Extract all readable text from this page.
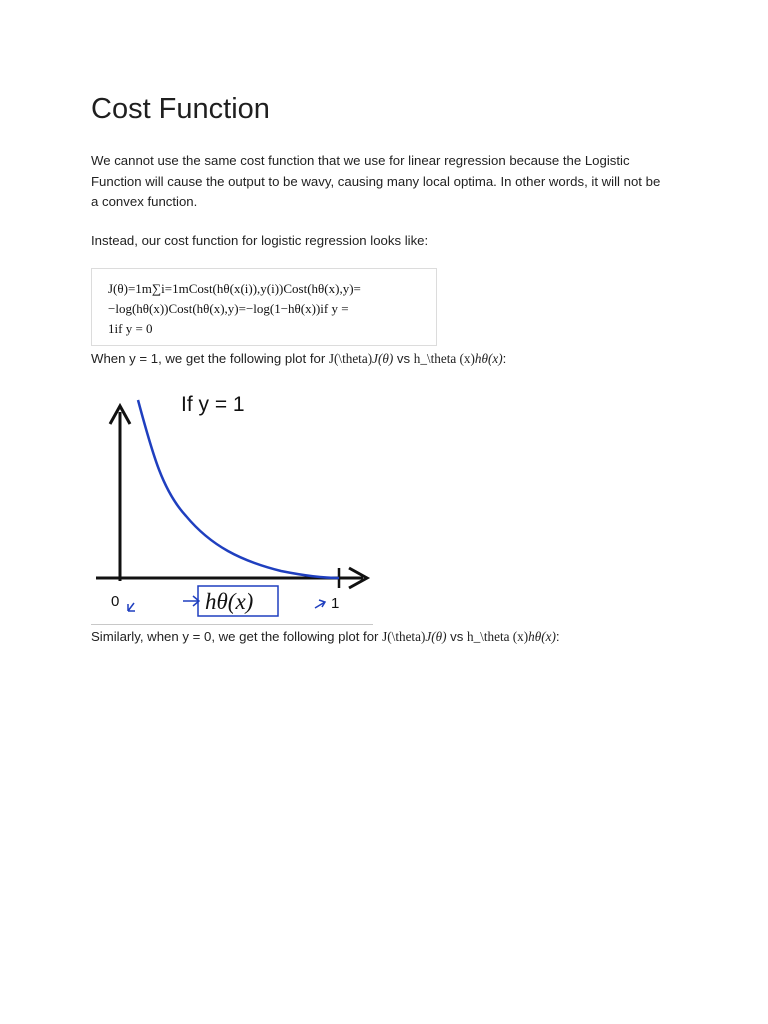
Cost Function

We cannot use the same cost function that we use for linear regression because the Logistic Function will cause the output to be wavy, causing many local optima. In other words, it will not be a convex function.

Instead, our cost function for logistic regression looks like:

J(θ)=1m∑i=1mCost(hθ(x(i)),y(i))Cost(hθ(x),y)=
−log(hθ(x))Cost(hθ(x),y)=−log(1−hθ(x))if y =
1if y = 0

When y = 1, we get the following plot for J(\theta)J(θ) vs h_\theta (x)hθ(x):

If y = 1
0	1
hθ(x)

Similarly, when y = 0, we get the following plot for J(\theta)J(θ) vs h_\theta (x)hθ(x):
